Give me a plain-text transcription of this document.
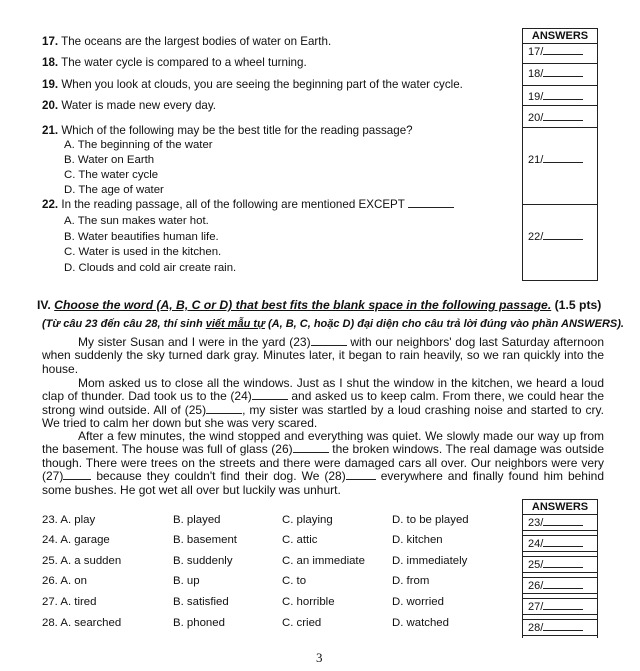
17. The oceans are the largest bodies of water on Earth.
18. The water cycle is compared to a wheel turning.
19. When you look at clouds, you are seeing the beginning part of the water cycle.
20. Water is made new every day.
21. Which of the following may be the best title for the reading passage?
A. The beginning of the water
B. Water on Earth
C. The water cycle
D. The age of water
22. In the reading passage, all of the following are mentioned EXCEPT
A. The sun makes water hot.
B. Water beautifies human life.
C. Water is used in the kitchen.
D. Clouds and cold air create rain.
ANSWERS
17/
18/
19/
20/
21/
22/
IV. Choose the word (A, B, C or D) that best fits the blank space in the following passage. (1.5 pts)
(Từ câu 23 đến câu 28, thí sinh viết mẫu tự (A, B, C, hoặc D) đại diện cho câu trả lời đúng vào phần ANSWERS).
My sister Susan and I were in the yard (23)	with our neighbors' dog last Saturday afternoon when suddenly the sky turned dark gray. Minutes later, it began to rain heavily, so we ran quickly into the house.
Mom asked us to close all the windows. Just as I shut the window in the kitchen, we heard a loud clap of thunder. Dad took us to the (24)	and asked us to keep calm. From there, we could hear the strong wind outside. All of (25)	, my sister was startled by a loud crashing noise and started to cry. We tried to calm her down but she was very scared.
After a few minutes, the wind stopped and everything was quiet. We slowly made our way up from the basement. The house was full of glass (26)	the broken windows. The real damage was outside though. There were trees on the streets and there were damaged cars all over. Our neighbors were very (27) because they couldn't find their dog. We (28)	everywhere and finally found him behind some bushes. He got wet all over but luckily was unhurt.
23. A. play	B. played	C. playing	D. to be played
24. A. garage	B. basement	C. attic	D. kitchen
25. A. a sudden	B. suddenly	C. an immediate D. immediately
26. A. on	B. up	C. to	D. from
27. A. tired	B. satisfied	C. horrible	D. worried
28. A. searched	B. phoned	C. cried	D. watched
ANSWERS
23/
24/
25/
26/
27/
28/
3
